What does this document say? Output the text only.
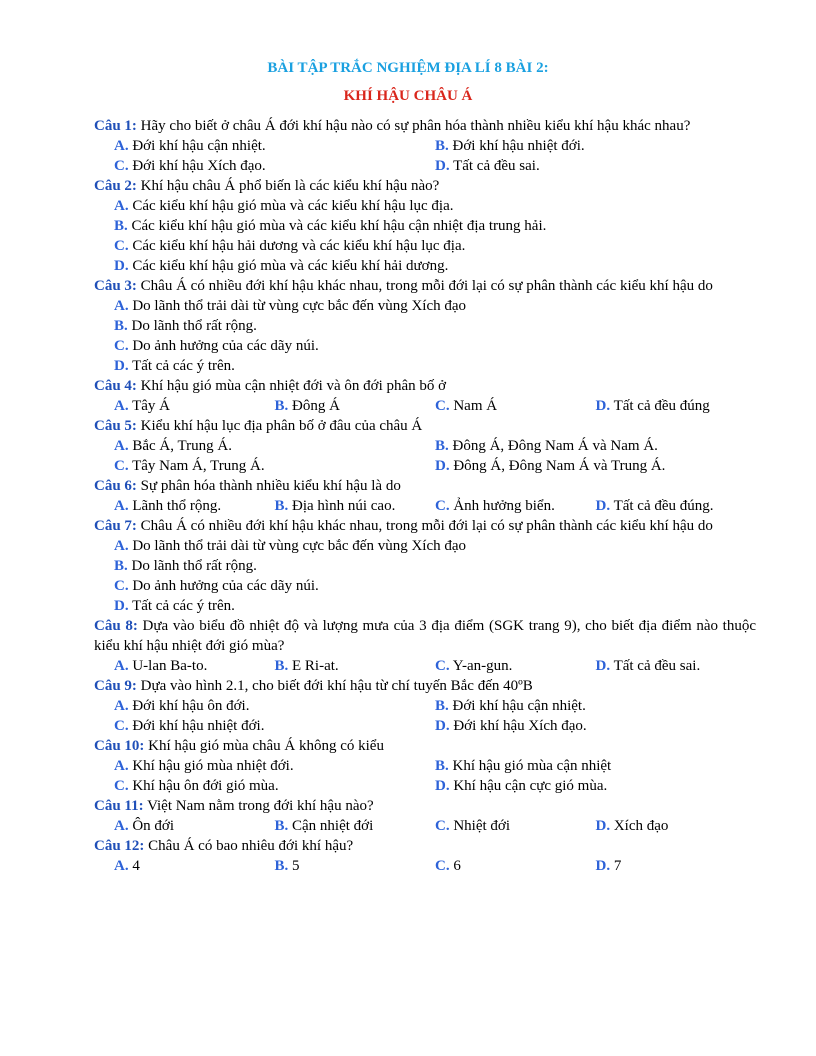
BÀI TẬP TRẮC NGHIỆM ĐỊA LÍ 8 BÀI 2:
KHÍ HẬU CHÂU Á
Câu 1: Hãy cho biết ở châu Á đới khí hậu nào có sự phân hóa thành nhiều kiểu khí hậu khác nhau?
A. Đới khí hậu cận nhiệt.	B. Đới khí hậu nhiệt đới.
C. Đới khí hậu Xích đạo.	D. Tất cả đều sai.
Câu 2: Khí hậu châu Á phổ biến là các kiểu khí hậu nào?
A. Các kiểu khí hậu gió mùa và các kiểu khí hậu lục địa.
B. Các kiểu khí hậu gió mùa và các kiểu khí hậu cận nhiệt địa trung hải.
C. Các kiểu khí hậu hải dương và các kiểu khí hậu lục địa.
D. Các kiểu khí hậu gió mùa và các kiểu khí hải dương.
Câu 3: Châu Á có nhiều đới khí hậu khác nhau, trong mỗi đới lại có sự phân thành các kiểu khí hậu do
A. Do lãnh thổ trải dài từ vùng cực bắc đến vùng Xích đạo
B. Do lãnh thổ rất rộng.
C. Do ảnh hưởng của các dãy núi.
D. Tất cả các ý trên.
Câu 4: Khí hậu gió mùa cận nhiệt đới và ôn đới phân bố ở
A. Tây Á	B. Đông Á	C. Nam Á	D. Tất cả đều đúng
Câu 5: Kiểu khí hậu lục địa phân bố ở đâu của châu Á
A. Bắc Á, Trung Á.	B. Đông Á, Đông Nam Á và Nam Á.
C. Tây Nam Á, Trung Á.	D. Đông Á, Đông Nam Á và Trung Á.
Câu 6: Sự phân hóa thành nhiều kiểu khí hậu là do
A. Lãnh thổ rộng.	B. Địa hình núi cao.	C. Ảnh hưởng biển.	D. Tất cả đều đúng.
Câu 7: Châu Á có nhiều đới khí hậu khác nhau, trong mỗi đới lại có sự phân thành các kiểu khí hậu do
A. Do lãnh thổ trải dài từ vùng cực bắc đến vùng Xích đạo
B. Do lãnh thổ rất rộng.
C. Do ảnh hưởng của các dãy núi.
D. Tất cả các ý trên.
Câu 8: Dựa vào biểu đồ nhiệt độ và lượng mưa của 3 địa điểm (SGK trang 9), cho biết địa điểm nào thuộc kiểu khí hậu nhiệt đới gió mùa?
A. U-lan Ba-to.	B. E Ri-at.	C. Y-an-gun.	D. Tất cả đều sai.
Câu 9: Dựa vào hình 2.1, cho biết đới khí hậu từ chí tuyến Bắc đến 40ºB
A. Đới khí hậu ôn đới.	B. Đới khí hậu cận nhiệt.
C. Đới khí hậu nhiệt đới.	D. Đới khí hậu Xích đạo.
Câu 10: Khí hậu gió mùa châu Á không có kiểu
A. Khí hậu gió mùa nhiệt đới.	B. Khí hậu gió mùa cận nhiệt
C. Khí hậu ôn đới gió mùa.	D. Khí hậu cận cực gió mùa.
Câu 11: Việt Nam nằm trong đới khí hậu nào?
A. Ôn đới	B. Cận nhiệt đới	C. Nhiệt đới	D. Xích đạo
Câu 12: Châu Á có bao nhiêu đới khí hậu?
A. 4	B. 5	C. 6	D. 7
